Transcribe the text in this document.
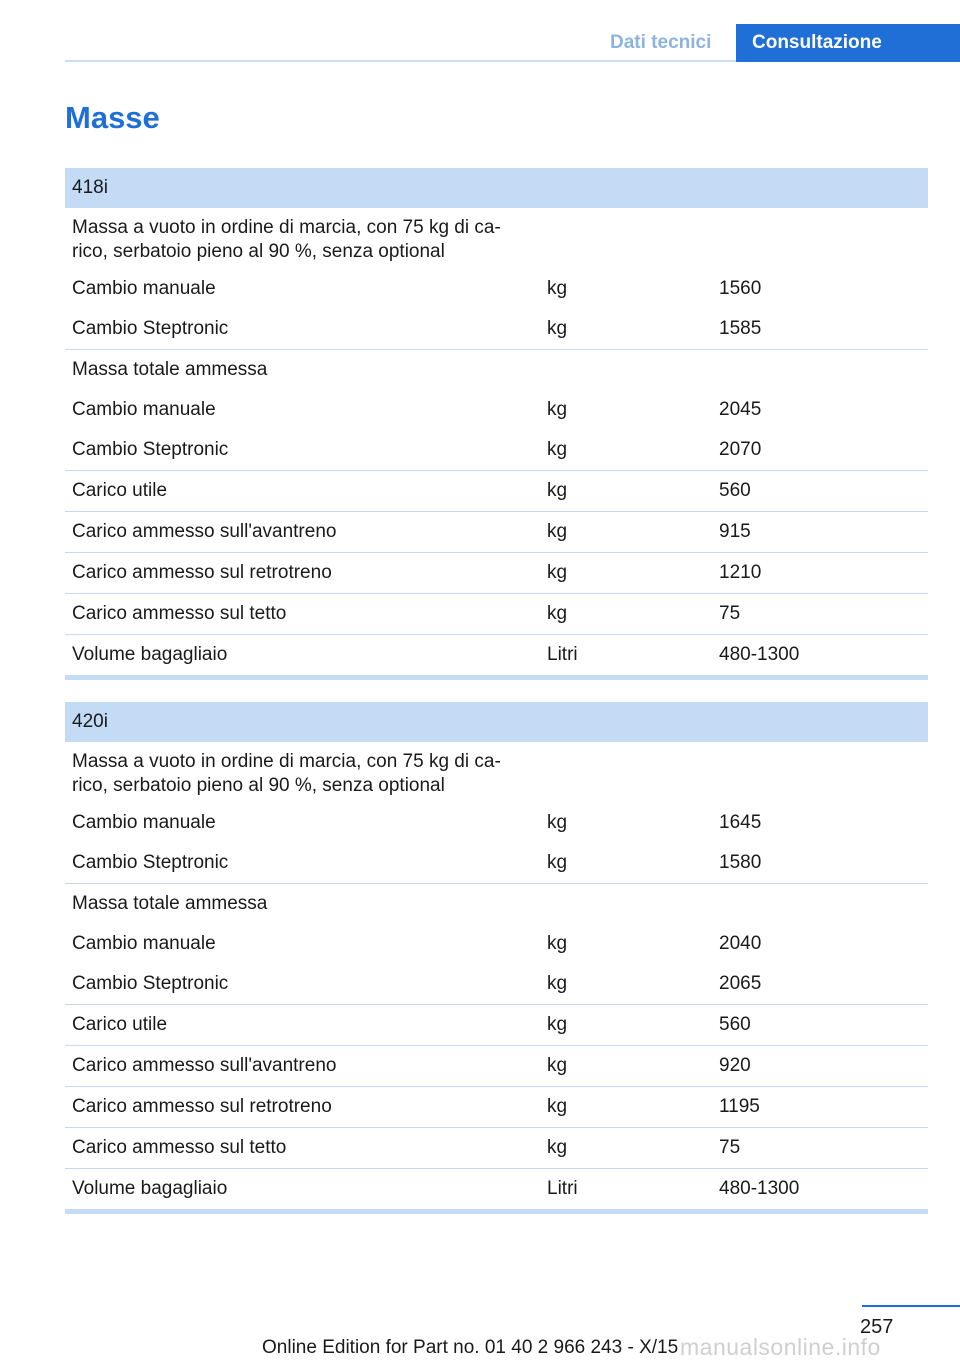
Dati tecnici	Consultazione
Masse
418i
Massa a vuoto in ordine di marcia, con 75 kg di ca-
rico, serbatoio pieno al 90 %, senza optional
Cambio manuale	kg	1560
Cambio Steptronic	kg	1585
Massa totale ammessa
Cambio manuale	kg	2045
Cambio Steptronic	kg	2070
Carico utile	kg	560
Carico ammesso sull'avantreno	kg	915
Carico ammesso sul retrotreno	kg	1210
Carico ammesso sul tetto	kg	75
Volume bagagliaio	Litri	480-1300
420i
Massa a vuoto in ordine di marcia, con 75 kg di ca-
rico, serbatoio pieno al 90 %, senza optional
Cambio manuale	kg	1645
Cambio Steptronic	kg	1580
Massa totale ammessa
Cambio manuale	kg	2040
Cambio Steptronic	kg	2065
Carico utile	kg	560
Carico ammesso sull'avantreno	kg	920
Carico ammesso sul retrotreno	kg	1195
Carico ammesso sul tetto	kg	75
Volume bagagliaio	Litri	480-1300
257
Online Edition for Part no. 01 40 2 966 243 - X/15 manualsonline.info
